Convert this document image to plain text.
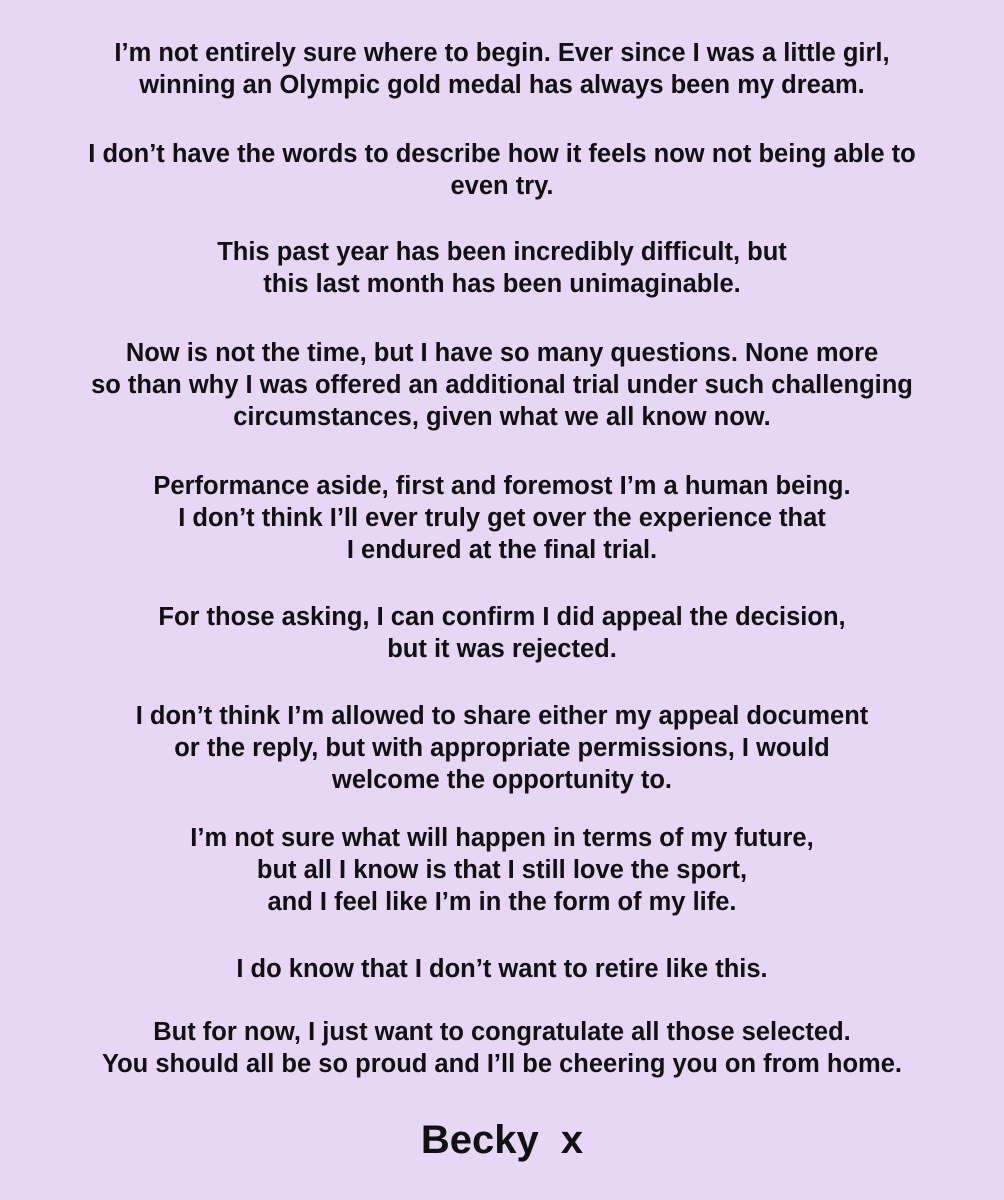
I’m not entirely sure where to begin. Ever since I was a little girl,
winning an Olympic gold medal has always been my dream.
I don’t have the words to describe how it feels now not being able to
even try.
This past year has been incredibly difficult, but
this last month has been unimaginable.
Now is not the time, but I have so many questions. None more
so than why I was offered an additional trial under such challenging
circumstances, given what we all know now.
Performance aside, first and foremost I’m a human being.
I don’t think I’ll ever truly get over the experience that
I endured at the final trial.
For those asking, I can confirm I did appeal the decision,
but it was rejected.
I don’t think I’m allowed to share either my appeal document
or the reply, but with appropriate permissions, I would
welcome the opportunity to.
I’m not sure what will happen in terms of my future,
but all I know is that I still love the sport,
and I feel like I’m in the form of my life.
I do know that I don’t want to retire like this.
But for now, I just want to congratulate all those selected.
You should all be so proud and I’ll be cheering you on from home.
Becky  x
